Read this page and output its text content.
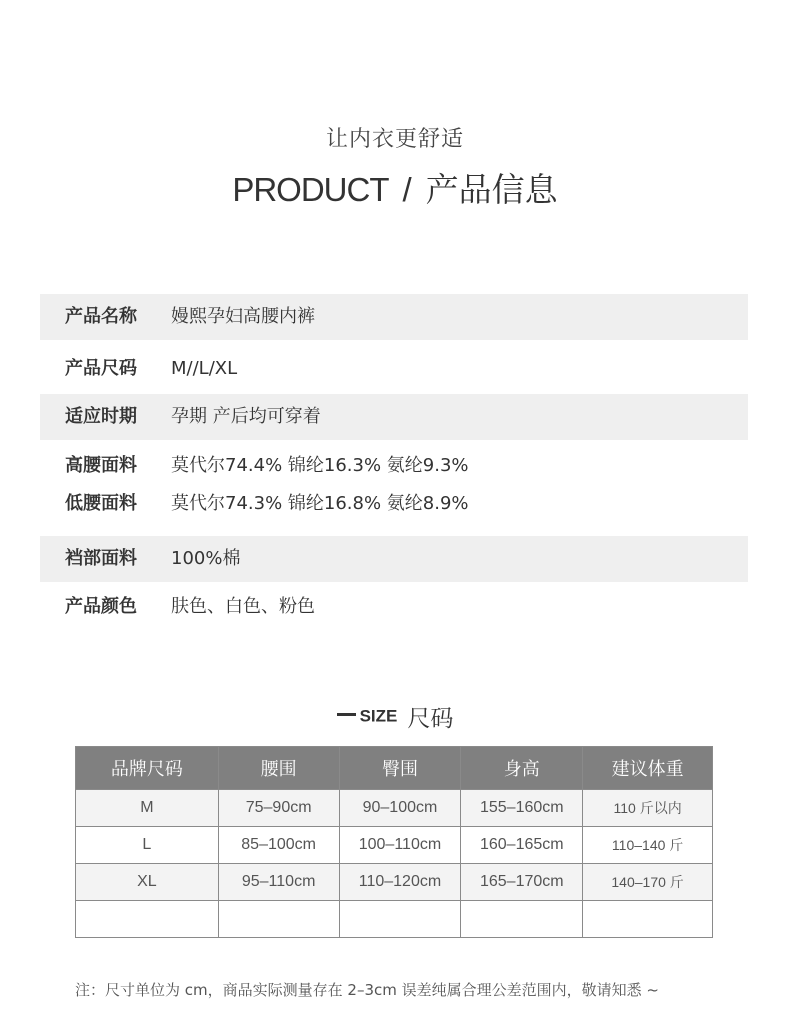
让内衣更舒适
PRODUCT / 产品信息
产品名称 嫚熙孕妇高腰内裤
产品尺码 M//L/XL
适应时期 孕期 产后均可穿着
高腰面料 莫代尔74.4% 锦纶16.3% 氨纶9.3%
低腰面料 莫代尔74.3% 锦纶16.8% 氨纶8.9%
裆部面料 100%棉
产品颜色 肤色、白色、粉色
SIZE 尺码
品牌尺码	腰围	臀围	身高	建议体重
M	75–90cm	90–100cm	155–160cm	110 斤以内
L	85–100cm	100–110cm	160–165cm	110–140 斤
XL	95–110cm	110–120cm	165–170cm	140–170 斤

注：尺寸单位为 cm，商品实际测量存在 2–3cm 误差纯属合理公差范围内，敬请知悉 ~
